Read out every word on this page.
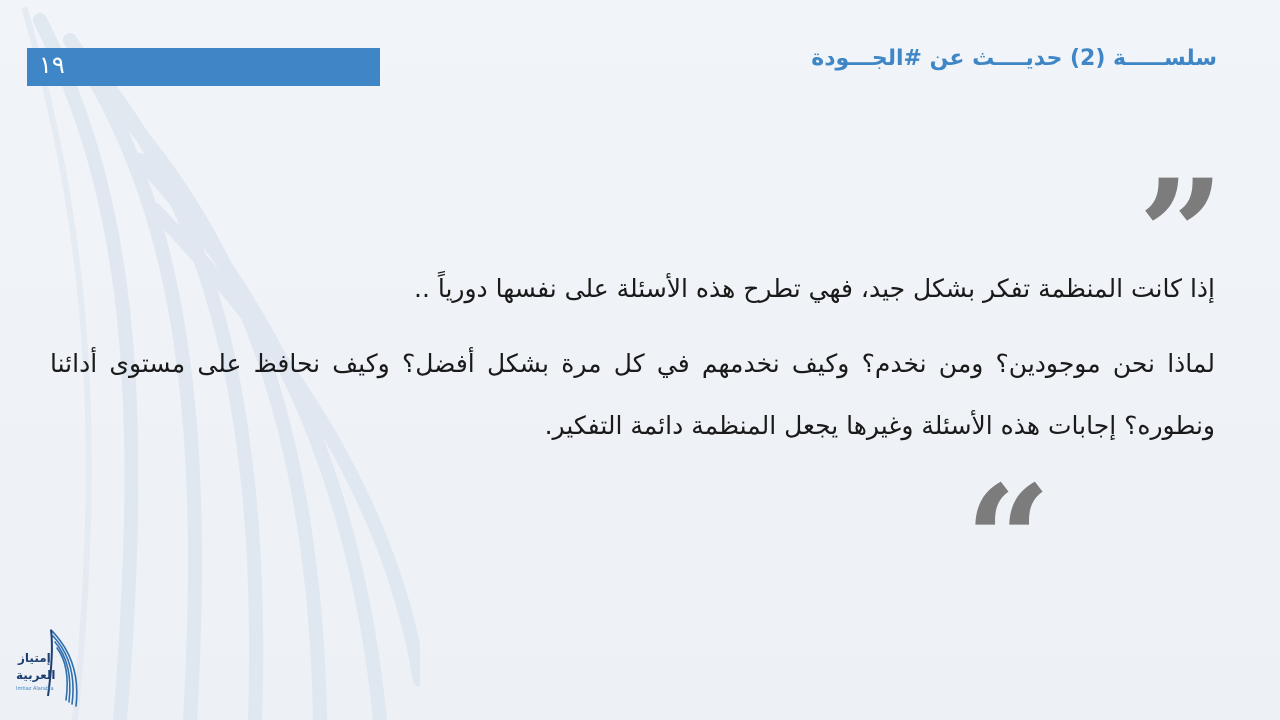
١٩	سلســـــة (2) حديــــث عن #الجـــودة
”
إذا كانت المنظمة تفكر بشكل جيد، فهي تطرح هذه الأسئلة على نفسها دورياً ..
لماذا نحن موجودين؟ ومن نخدم؟ وكيف نخدمهم في كل مرة بشكل أفضل؟ وكيف نحافظ على مستوى أدائنا ونطوره؟ إجابات هذه الأسئلة وغيرها يجعل المنظمة دائمة التفكير.
“
إمتياز
العربية
Imtiaz Alarabia
